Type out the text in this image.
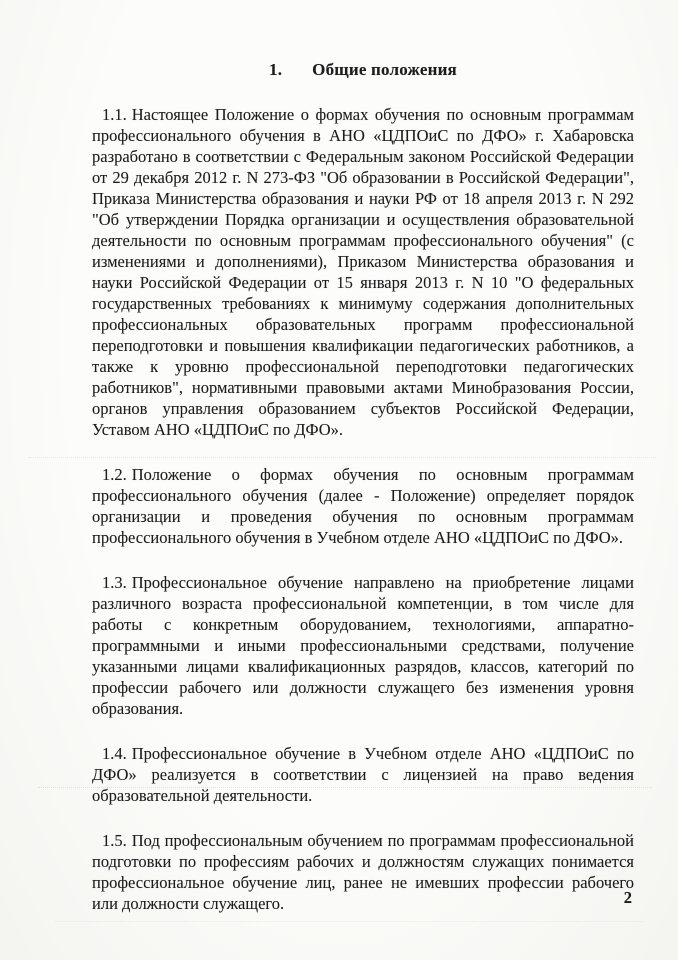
1. Общие положения

1.1. Настоящее Положение о формах обучения по основным программам профессионального обучения в АНО «ЦДПОиС по ДФО» г. Хабаровска разработано в соответствии с Федеральным законом Российской Федерации от 29 декабря 2012 г. N 273-ФЗ "Об образовании в Российской Федерации", Приказа Министерства образования и науки РФ от 18 апреля 2013 г. N 292 "Об утверждении Порядка организации и осуществления образовательной деятельности по основным программам профессионального обучения" (с изменениями и дополнениями), Приказом Министерства образования и науки Российской Федерации от 15 января 2013 г. N 10 "О федеральных государственных требованиях к минимуму содержания дополнительных профессиональных образовательных программ профессиональной переподготовки и повышения квалификации педагогических работников, а также к уровню профессиональной переподготовки педагогических работников", нормативными правовыми актами Минобразования России, органов управления образованием субъектов Российской Федерации, Уставом АНО «ЦДПОиС по ДФО».

1.2. Положение о формах обучения по основным программам профессионального обучения (далее - Положение) определяет порядок организации и проведения обучения по основным программам профессионального обучения в Учебном отделе АНО «ЦДПОиС по ДФО».

1.3. Профессиональное обучение направлено на приобретение лицами различного возраста профессиональной компетенции, в том числе для работы с конкретным оборудованием, технологиями, аппаратно-программными и иными профессиональными средствами, получение указанными лицами квалификационных разрядов, классов, категорий по профессии рабочего или должности служащего без изменения уровня образования.

1.4. Профессиональное обучение в Учебном отделе АНО «ЦДПОиС по ДФО» реализуется в соответствии с лицензией на право ведения образовательной деятельности.

1.5. Под профессиональным обучением по программам профессиональной подготовки по профессиям рабочих и должностям служащих понимается профессиональное обучение лиц, ранее не имевших профессии рабочего или должности служащего.	2
